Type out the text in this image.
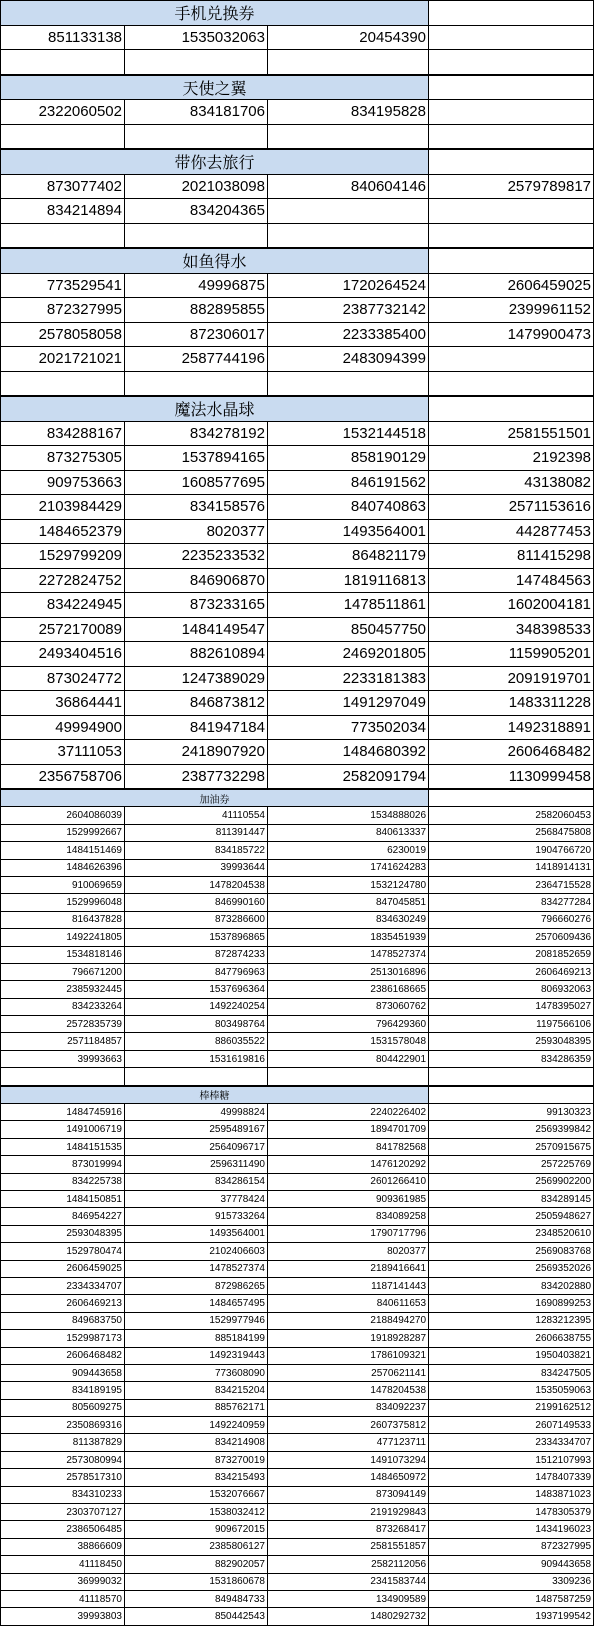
手机兑换券			
851133138	1535032063	20454390	

天使之翼			
2322060502	834181706	834195828	

带你去旅行			
873077402	2021038098	840604146	2579789817
834214894	834204365		

如鱼得水			
773529541	49996875	1720264524	2606459025
872327995	882895855	2387732142	2399961152
2578058058	872306017	2233385400	1479900473
2021721021	2587744196	2483094399	

魔法水晶球			
834288167	834278192	1532144518	2581551501
873275305	1537894165	858190129	2192398
909753663	1608577695	846191562	43138082
2103984429	834158576	840740863	2571153616
1484652379	8020377	1493564001	442877453
1529799209	2235233532	864821179	811415298
2272824752	846906870	1819116813	147484563
834224945	873233165	1478511861	1602004181
2572170089	1484149547	850457750	348398533
2493404516	882610894	2469201805	1159905201
873024772	1247389029	2233181383	2091919701
36864441	846873812	1491297049	1483311228
49994900	841947184	773502034	1492318891
37111053	2418907920	1484680392	2606468482
2356758706	2387732298	2582091794	1130999458
加油券			
2604086039	41110554	1534888026	2582060453
1529992667	811391447	840613337	2568475808
1484151469	834185722	6230019	1904766720
1484626396	39993644	1741624283	1418914131
910069659	1478204538	1532124780	2364715528
1529996048	846990160	847045851	834277284
816437828	873286600	834630249	796660276
1492241805	1537896865	1835451939	2570609436
1534818146	872874233	1478527374	2081852659
796671200	847796963	2513016896	2606469213
2385932445	1537696364	2386168665	806932063
834233264	1492240254	873060762	1478395027
2572835739	803498764	796429360	1197566106
2571184857	886035522	1531578048	2593048395
39993663	1531619816	804422901	834286359

棒棒糖			
1484745916	49998824	2240226402	99130323
1491006719	2595489167	1894701709	2569399842
1484151535	2564096717	841782568	2570915675
873019994	2596311490	1476120292	257225769
834225738	834286154	2601266410	2569902200
1484150851	37778424	909361985	834289145
846954227	915733264	834089258	2505948627
2593048395	1493564001	1790717796	2348520610
1529780474	2102406603	8020377	2569083768
2606459025	1478527374	2189416641	2569352026
2334334707	872986265	1187141443	834202880
2606469213	1484657495	840611653	1690899253
849683750	1529977946	2188494270	1283212395
1529987173	885184199	1918928287	2606638755
2606468482	1492319443	1786109321	1950403821
909443658	773608090	2570621141	834247505
834189195	834215204	1478204538	1535059063
805609275	885762171	834092237	2199162512
2350869316	1492240959	2607375812	2607149533
811387829	834214908	477123711	2334334707
2573080994	873270019	1491073294	1512107993
2578517310	834215493	1484650972	1478407339
834310233	1532076667	873094149	1483871023
2303707127	1538032412	2191929843	1478305379
2386506485	909672015	873268417	1434196023
38866609	2385806127	2581551857	872327995
41118450	882902057	2582112056	909443658
36999032	1531860678	2341583744	3309236
41118570	849484733	134909589	1487587259
39993803	850442543	1480292732	1937199542
